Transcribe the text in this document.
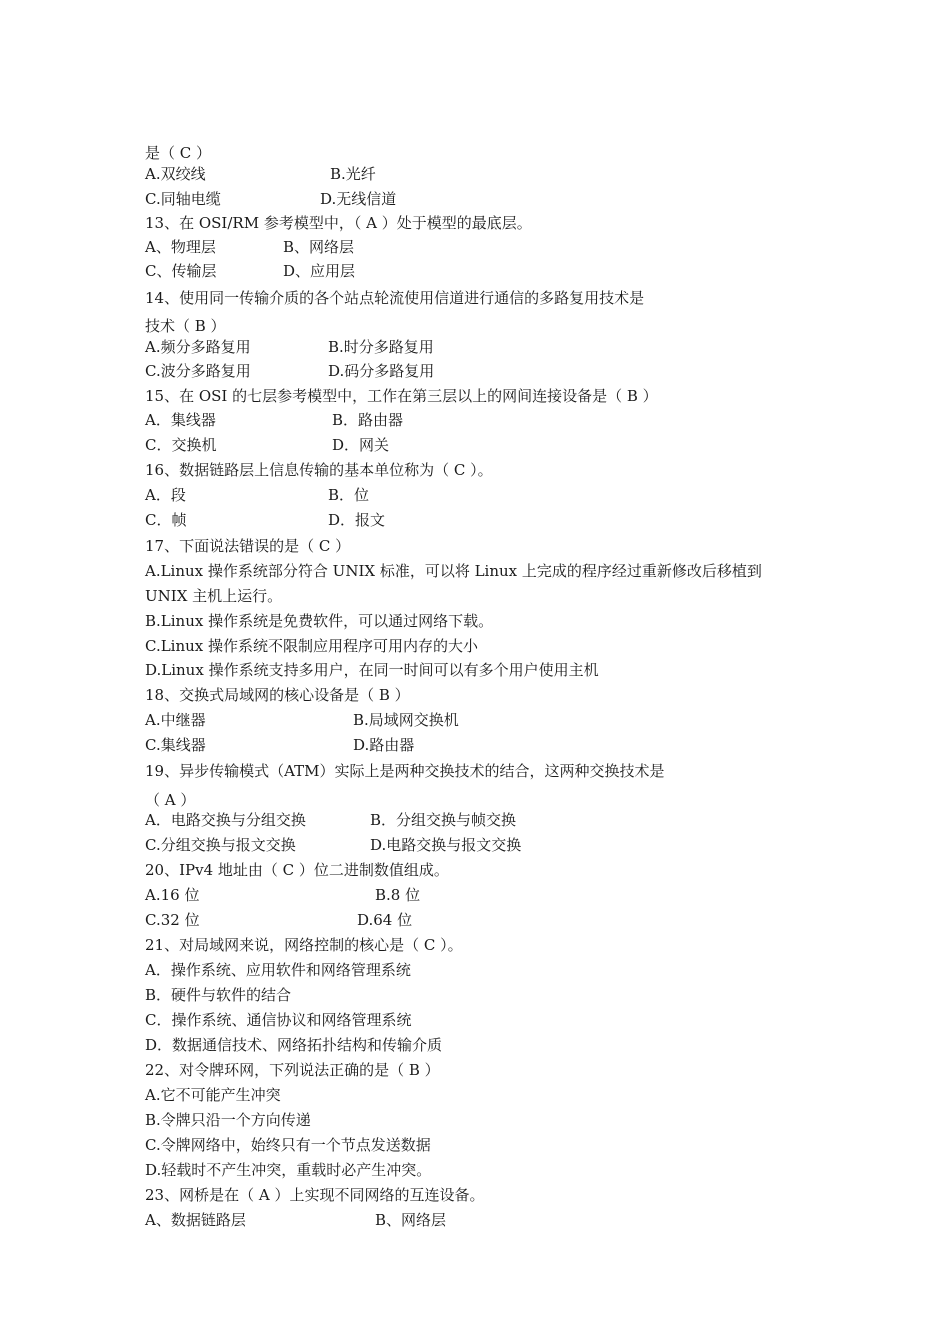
是（ C ）
A.双绞线	B.光纤
C.同轴电缆	D.无线信道
13、在 OSI/RM 参考模型中，（ A ）处于模型的最底层。
A、物理层	B、网络层
C、传输层	D、应用层
14、使用同一传输介质的各个站点轮流使用信道进行通信的多路复用技术是
技术（ B ）
A.频分多路复用	B.时分多路复用
C.波分多路复用	D.码分多路复用
15、在 OSI 的七层参考模型中，工作在第三层以上的网间连接设备是（ B ）
A．集线器	B．路由器
C．交换机	D．网关
16、数据链路层上信息传输的基本单位称为（ C ）。
A．段	B．位
C．帧	D．报文
17、下面说法错误的是（ C ）
A.Linux 操作系统部分符合 UNIX 标准，可以将 Linux 上完成的程序经过重新修改后移植到
UNIX 主机上运行。
B.Linux 操作系统是免费软件，可以通过网络下载。
C.Linux 操作系统不限制应用程序可用内存的大小
D.Linux 操作系统支持多用户，在同一时间可以有多个用户使用主机
18、交换式局域网的核心设备是（ B ）
A.中继器	B.局域网交换机
C.集线器	D.路由器
19、异步传输模式（ATM）实际上是两种交换技术的结合，这两种交换技术是
（ A ）
A．电路交换与分组交换	B．分组交换与帧交换
C.分组交换与报文交换	D.电路交换与报文交换
20、IPv4 地址由（ C ）位二进制数值组成。
A.16 位	B.8 位
C.32 位	D.64 位
21、对局域网来说，网络控制的核心是（ C ）。
A．操作系统、应用软件和网络管理系统
B．硬件与软件的结合
C．操作系统、通信协议和网络管理系统
D．数据通信技术、网络拓扑结构和传输介质
22、对令牌环网，下列说法正确的是（ B ）
A.它不可能产生冲突
B.令牌只沿一个方向传递
C.令牌网络中，始终只有一个节点发送数据
D.轻载时不产生冲突，重载时必产生冲突。
23、网桥是在（ A ）上实现不同网络的互连设备。
A、数据链路层	B、网络层
